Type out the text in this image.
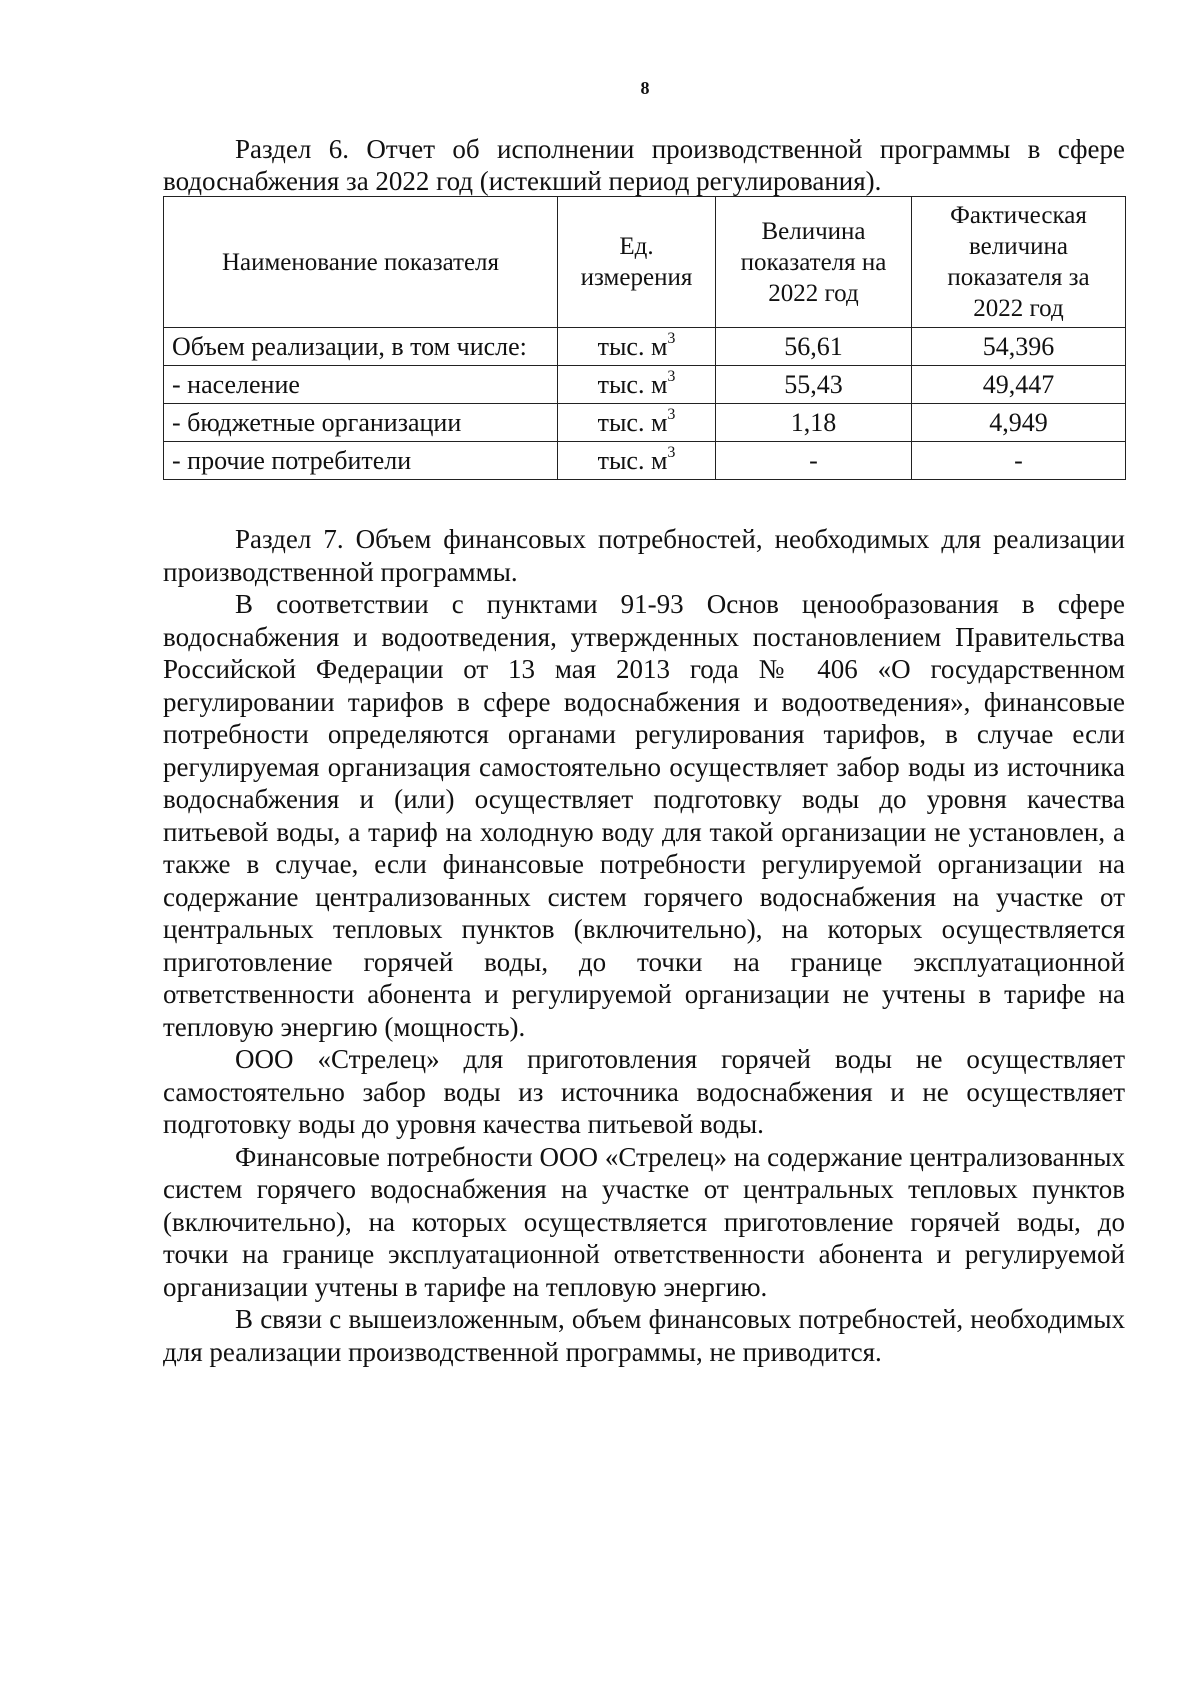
8

Раздел 6. Отчет об исполнении производственной программы в сфере водоснабжения за 2022 год (истекший период регулирования).

Наименование показателя	Ед. измерения	Величина показателя на 2022 год	Фактическая величина показателя за 2022 год
Объем реализации, в том числе:	тыс. $м^3$	56,61	54,396
- население	тыс. $м^3$	55,43	49,447
- бюджетные организации	тыс. $м^3$	1,18	4,949
- прочие потребители	тыс. $м^3$	-	-

Раздел 7. Объем финансовых потребностей, необходимых для реализации производственной программы.

В соответствии с пунктами 91-93 Основ ценообразования в сфере водоснабжения и водоотведения, утвержденных постановлением Правительства Российской Федерации от 13 мая 2013 года № 406 «О государственном регулировании тарифов в сфере водоснабжения и водоотведения», финансовые потребности определяются органами регулирования тарифов, в случае если регулируемая организация самостоятельно осуществляет забор воды из источника водоснабжения и (или) осуществляет подготовку воды до уровня качества питьевой воды, а тариф на холодную воду для такой организации не установлен, а также в случае, если финансовые потребности регулируемой организации на содержание централизованных систем горячего водоснабжения на участке от центральных тепловых пунктов (включительно), на которых осуществляется приготовление горячей воды, до точки на границе эксплуатационной ответственности абонента и регулируемой организации не учтены в тарифе на тепловую энергию (мощность).

ООО «Стрелец» для приготовления горячей воды не осуществляет самостоятельно забор воды из источника водоснабжения и не осуществляет подготовку воды до уровня качества питьевой воды.

Финансовые потребности ООО «Стрелец» на содержание централизованных систем горячего водоснабжения на участке от центральных тепловых пунктов (включительно), на которых осуществляется приготовление горячей воды, до точки на границе эксплуатационной ответственности абонента и регулируемой организации учтены в тарифе на тепловую энергию.

В связи с вышеизложенным, объем финансовых потребностей, необходимых для реализации производственной программы, не приводится.
